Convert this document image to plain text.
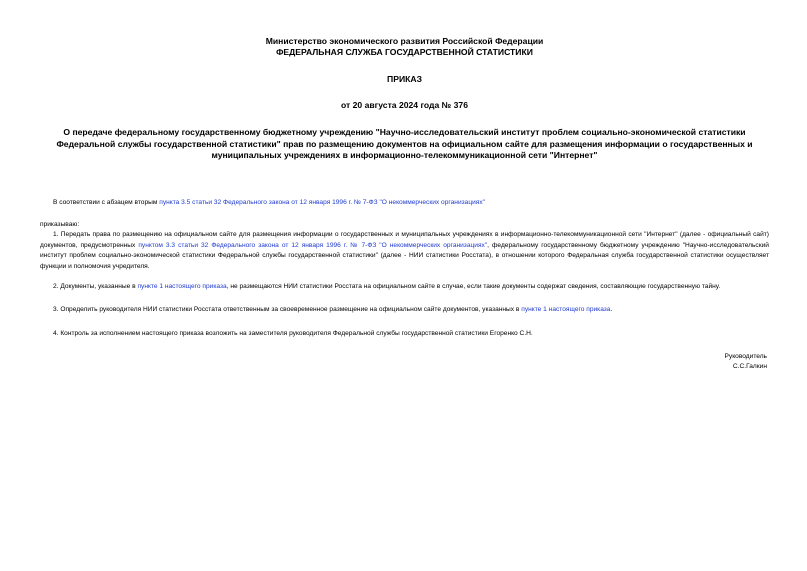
Министерство экономического развития Российской Федерации
ФЕДЕРАЛЬНАЯ СЛУЖБА ГОСУДАРСТВЕННОЙ СТАТИСТИКИ
ПРИКАЗ
от 20 августа 2024 года № 376
О передаче федеральному государственному бюджетному учреждению "Научно-исследовательский институт проблем социально-экономической статистики Федеральной службы государственной статистики" прав по размещению документов на официальном сайте для размещения информации о государственных и муниципальных учреждениях в информационно-телекоммуникационной сети "Интернет"

В соответствии с абзацем вторым пункта 3.5 статьи 32 Федерального закона от 12 января 1996 г. № 7-ФЗ "О некоммерческих организациях"

приказываю:

1. Передать права по размещению на официальном сайте для размещения информации о государственных и муниципальных учреждениях в информационно-телекоммуникационной сети "Интернет" (далее - официальный сайт) документов, предусмотренных пунктом 3.3 статьи 32 Федерального закона от 12 января 1996 г. № 7-ФЗ "О некоммерческих организациях", федеральному государственному бюджетному учреждению "Научно-исследовательский институт проблем социально-экономической статистики Федеральной службы государственной статистики" (далее - НИИ статистики Росстата), в отношении которого Федеральная служба государственной статистики осуществляет функции и полномочия учредителя.

2. Документы, указанные в пункте 1 настоящего приказа, не размещаются НИИ статистики Росстата на официальном сайте в случае, если такие документы содержат сведения, составляющие государственную тайну.

3. Определить руководителя НИИ статистики Росстата ответственным за своевременное размещение на официальном сайте документов, указанных в пункте 1 настоящего приказа.

4. Контроль за исполнением настоящего приказа возложить на заместителя руководителя Федеральной службы государственной статистики Егоренко С.Н.

Руководитель
С.С.Галкин
